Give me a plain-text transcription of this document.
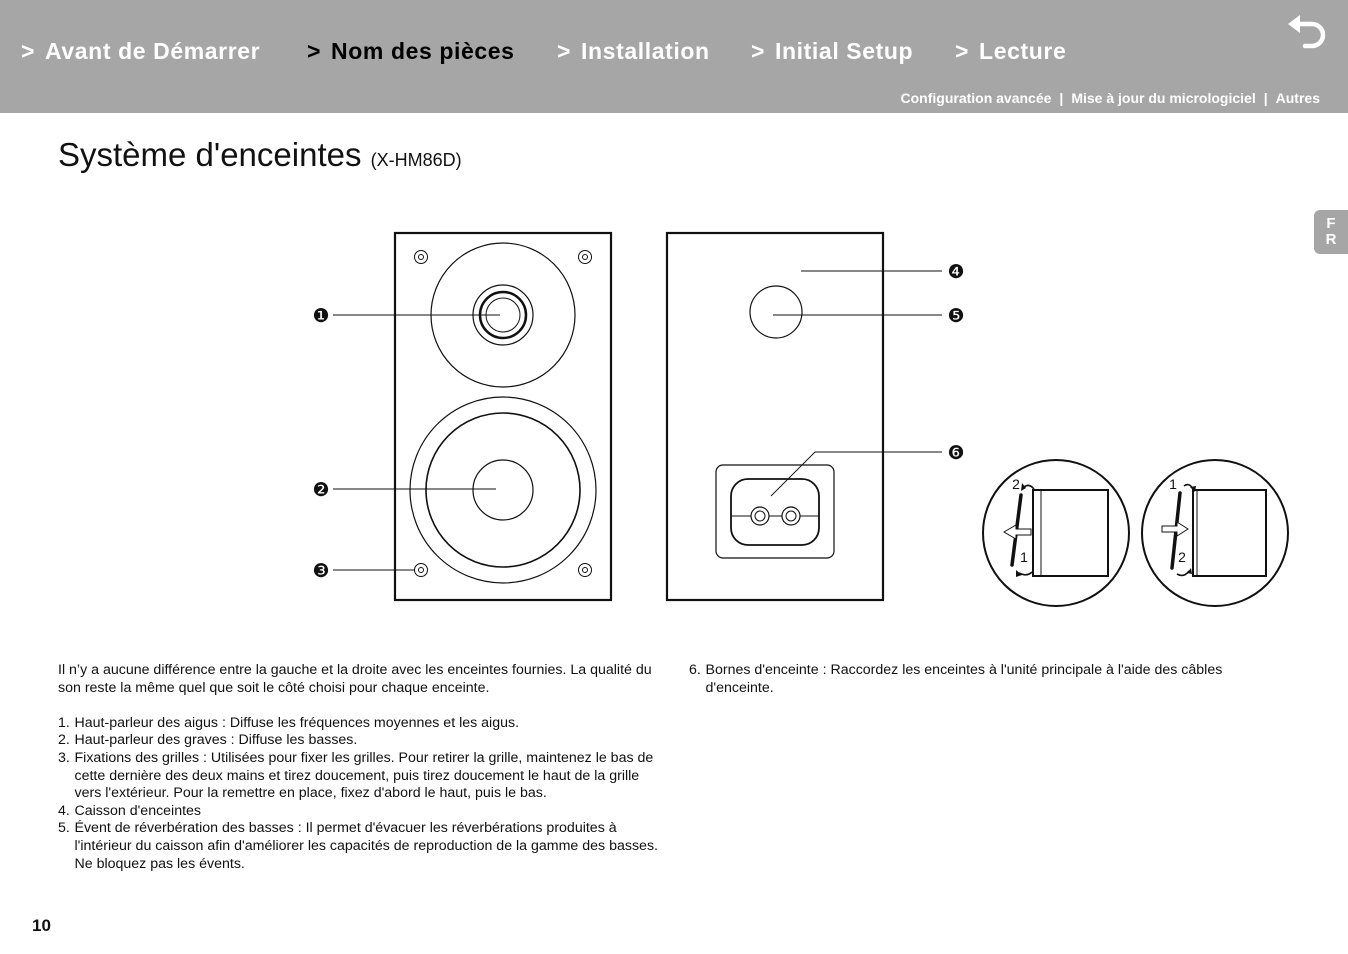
> Avant de Démarrer > Nom des pièces > Installation > Initial Setup > Lecture
Configuration avancée | Mise à jour du micrologiciel | Autres
F
R
Système d'enceintes (X-HM86D)
❶
❷
❸
❹
❺
❻
2
1
1
2

Il n’y a aucune différence entre la gauche et la droite avec les enceintes fournies. La qualité du son reste la même quel que soit le côté choisi pour chaque enceinte.

1. Haut-parleur des aigus : Diffuse les fréquences moyennes et les aigus.
2. Haut-parleur des graves : Diffuse les basses.
3. Fixations des grilles : Utilisées pour fixer les grilles. Pour retirer la grille, maintenez le bas de cette dernière des deux mains et tirez doucement, puis tirez doucement le haut de la grille vers l'extérieur. Pour la remettre en place, fixez d'abord le haut, puis le bas.
4. Caisson d'enceintes
5. Évent de réverbération des basses : Il permet d'évacuer les réverbérations produites à l'intérieur du caisson afin d'améliorer les capacités de reproduction de la gamme des basses. Ne bloquez pas les évents.
6. Bornes d'enceinte : Raccordez les enceintes à l'unité principale à l'aide des câbles d'enceinte.
10
